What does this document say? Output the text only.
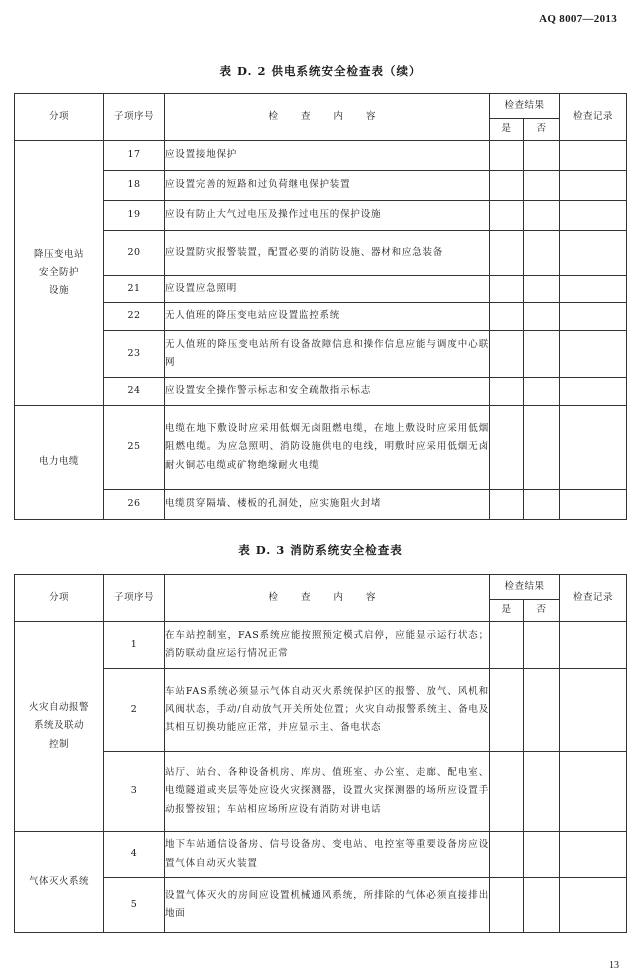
AQ 8007—2013
表 D. 2 供电系统安全检查表（续）
分项	子项序号	检 查 内 容	检查结果		检查记录
			是	否	
降压变电站
安全防护
设施	17	应设置接地保护			
	18	应设置完善的短路和过负荷继电保护装置			
	19	应设有防止大气过电压及操作过电压的保护设施			
	20	应设置防灾报警装置，配置必要的消防设施、器材和应急装备			
	21	应设置应急照明			
	22	无人值班的降压变电站应设置监控系统			
	23	无人值班的降压变电站所有设备故障信息和操作信息应能与调度中心联网			
	24	应设置安全操作警示标志和安全疏散指示标志			
电力电缆	25	电缆在地下敷设时应采用低烟无卤阻燃电缆，在地上敷设时应采用低烟阻燃电缆。为应急照明、消防设施供电的电线，明敷时应采用低烟无卤耐火铜芯电缆或矿物绝缘耐火电缆			
	26	电缆贯穿隔墙、楼板的孔洞处，应实施阻火封堵			
表 D. 3 消防系统安全检查表
分项	子项序号	检 查 内 容	检查结果		检查记录
			是	否	
火灾自动报警
系统及联动
控制	1	在车站控制室，FAS系统应能按照预定模式启停，应能显示运行状态；消防联动盘应运行情况正常			
	2	车站FAS系统必须显示气体自动灭火系统保护区的报警、放气、风机和风阀状态，手动/自动放气开关所处位置；火灾自动报警系统主、备电及其相互切换功能应正常，并应显示主、备电状态			
	3	站厅、站台、各种设备机房、库房、值班室、办公室、走廊、配电室、电缆隧道或夹层等处应设火灾探测器，设置火灾探测器的场所应设置手动报警按钮；车站相应场所应设有消防对讲电话			
气体灭火系统	4	地下车站通信设备房、信号设备房、变电站、电控室等重要设备房应设置气体自动灭火装置			
	5	设置气体灭火的房间应设置机械通风系统，所排除的气体必须直接排出地面			
13
